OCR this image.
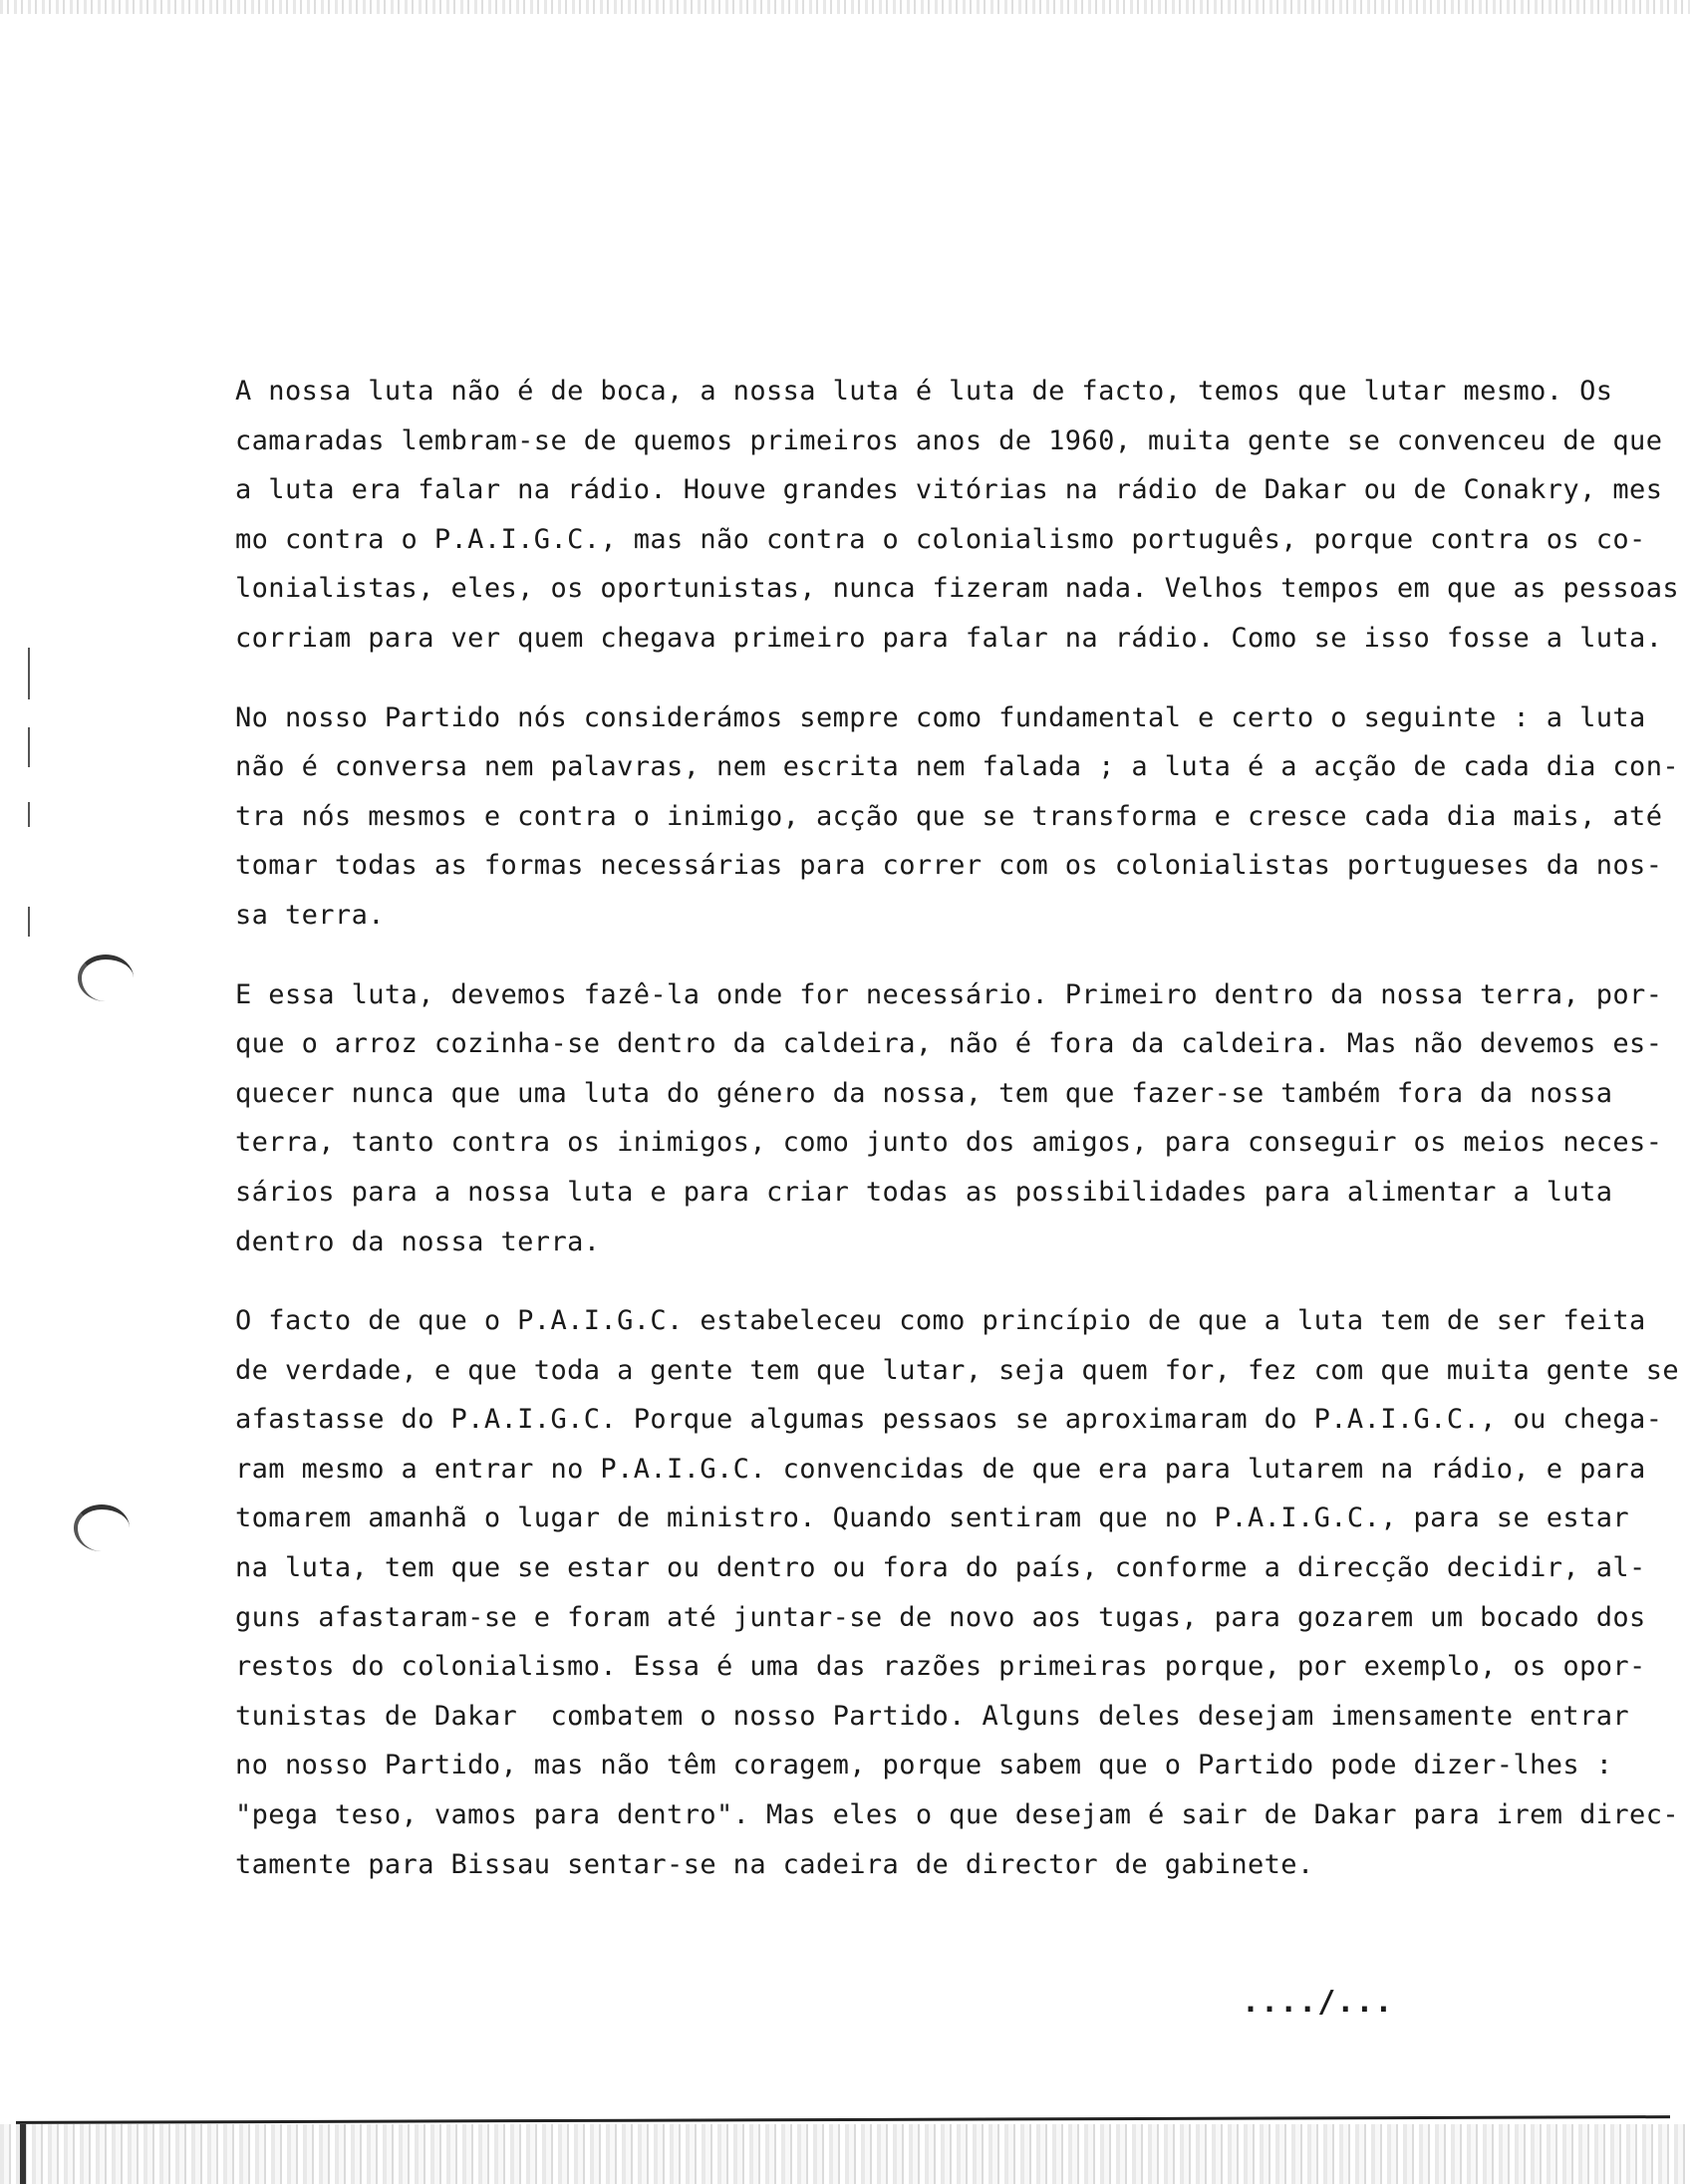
A nossa luta não é de boca, a nossa luta é luta de facto, temos que lutar mesmo. Os
camaradas lembram-se de quemos primeiros anos de 1960, muita gente se convenceu de que
a luta era falar na rádio. Houve grandes vitórias na rádio de Dakar ou de Conakry, mes
mo contra o P.A.I.G.C., mas não contra o colonialismo português, porque contra os co-
lonialistas, eles, os oportunistas, nunca fizeram nada. Velhos tempos em que as pessoas
corriam para ver quem chegava primeiro para falar na rádio. Como se isso fosse a luta.
No nosso Partido nós considerámos sempre como fundamental e certo o seguinte : a luta
não é conversa nem palavras, nem escrita nem falada ; a luta é a acção de cada dia con-
tra nós mesmos e contra o inimigo, acção que se transforma e cresce cada dia mais, até
tomar todas as formas necessárias para correr com os colonialistas portugueses da nos-
sa terra.
E essa luta, devemos fazê-la onde for necessário. Primeiro dentro da nossa terra, por-
que o arroz cozinha-se dentro da caldeira, não é fora da caldeira. Mas não devemos es-
quecer nunca que uma luta do género da nossa, tem que fazer-se também fora da nossa
terra, tanto contra os inimigos, como junto dos amigos, para conseguir os meios neces-
sários para a nossa luta e para criar todas as possibilidades para alimentar a luta
dentro da nossa terra.
O facto de que o P.A.I.G.C. estabeleceu como princípio de que a luta tem de ser feita
de verdade, e que toda a gente tem que lutar, seja quem for, fez com que muita gente se
afastasse do P.A.I.G.C. Porque algumas pessaos se aproximaram do P.A.I.G.C., ou chega-
ram mesmo a entrar no P.A.I.G.C. convencidas de que era para lutarem na rádio, e para
tomarem amanhã o lugar de ministro. Quando sentiram que no P.A.I.G.C., para se estar
na luta, tem que se estar ou dentro ou fora do país, conforme a direcção decidir, al-
guns afastaram-se e foram até juntar-se de novo aos tugas, para gozarem um bocado dos
restos do colonialismo. Essa é uma das razões primeiras porque, por exemplo, os opor-
tunistas de Dakar  combatem o nosso Partido. Alguns deles desejam imensamente entrar
no nosso Partido, mas não têm coragem, porque sabem que o Partido pode dizer-lhes :
"pega teso, vamos para dentro". Mas eles o que desejam é sair de Dakar para irem direc-
tamente para Bissau sentar-se na cadeira de director de gabinete.
..../...
